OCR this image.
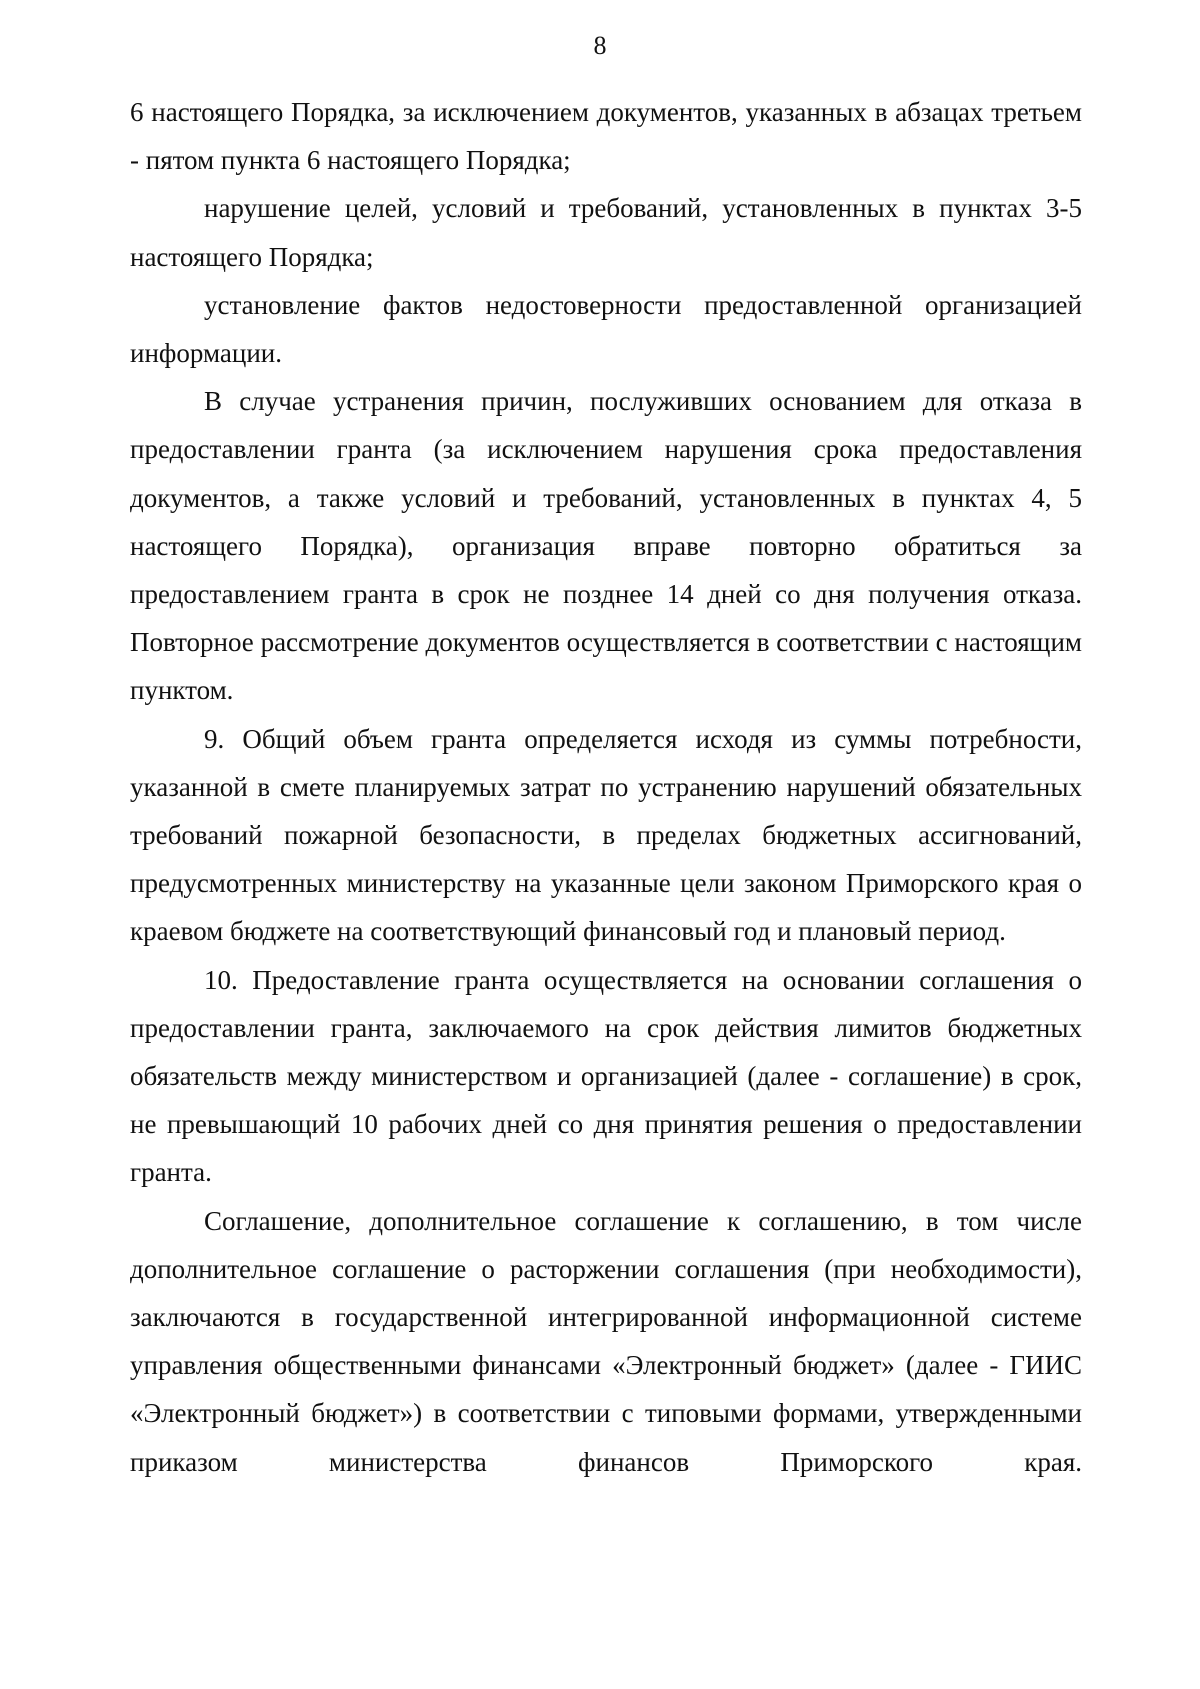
8

6 настоящего Порядка, за исключением документов, указанных в абзацах третьем - пятом пункта 6 настоящего Порядка;

нарушение целей, условий и требований, установленных в пунктах 3-5 настоящего Порядка;

установление фактов недостоверности предоставленной организацией информации.

В случае устранения причин, послуживших основанием для отказа в предоставлении гранта (за исключением нарушения срока предоставления документов, а также условий и требований, установленных в пунктах 4, 5 настоящего Порядка), организация вправе повторно обратиться за предоставлением гранта в срок не позднее 14 дней со дня получения отказа. Повторное рассмотрение документов осуществляется в соответствии с настоящим пунктом.

9. Общий объем гранта определяется исходя из суммы потребности, указанной в смете планируемых затрат по устранению нарушений обязательных требований пожарной безопасности, в пределах бюджетных ассигнований, предусмотренных министерству на указанные цели законом Приморского края о краевом бюджете на соответствующий финансовый год и плановый период.

10. Предоставление гранта осуществляется на основании соглашения о предоставлении гранта, заключаемого на срок действия лимитов бюджетных обязательств между министерством и организацией (далее - соглашение) в срок, не превышающий 10 рабочих дней со дня принятия решения о предоставлении гранта.

Соглашение, дополнительное соглашение к соглашению, в том числе дополнительное соглашение о расторжении соглашения (при необходимости), заключаются в государственной интегрированной информационной системе управления общественными финансами «Электронный бюджет» (далее - ГИИС «Электронный бюджет») в соответствии с типовыми формами, утвержденными приказом министерства финансов Приморского края.
